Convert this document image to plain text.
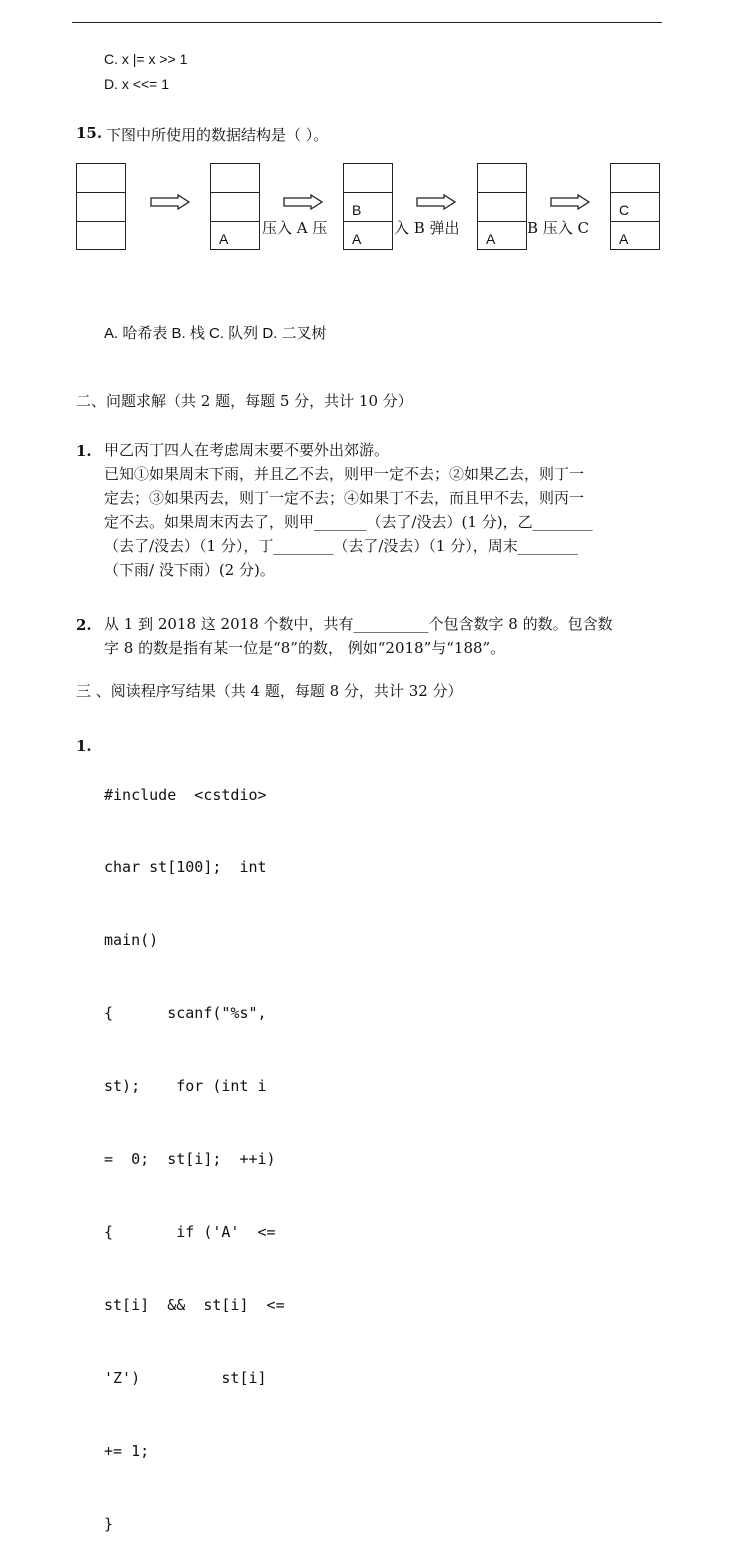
C. x |= x >> 1
D. x <<= 1
15. 下图中所使用的数据结构是（ ）。
A
B
A	A
C
A
压入 A 压	入 B 弹出	B 压入 C
A. 哈希表 B. 栈 C. 队列 D. 二叉树
二、问题求解（共 2 题，每题 5 分，共计 10 分）
1. 甲乙丙丁四人在考虑周末要不要外出郊游。
已知①如果周末下雨，并且乙不去，则甲一定不去；②如果乙去，则丁一
定去；③如果丙去，则丁一定不去；④如果丁不去，而且甲不去，则丙一
定不去。如果周末丙去了，则甲_______（去了/没去）(1 分)，乙________
（去了/没去）（1 分），丁________（去了/没去）（1 分），周末________
（下雨/ 没下雨）(2 分)。
2. 从 1 到 2018 这 2018 个数中，共有__________个包含数字 8 的数。包含数
字 8 的数是指有某一位是“8”的数， 例如“2018”与“188”。
三 、阅读程序写结果（共 4 题，每题 8 分，共计 32 分）
1.

#include  <cstdio>

char st[100];  int

main()

{      scanf("%s",

st);    for (int i

=  0;  st[i];  ++i)

{       if ('A'  <=

st[i]  &&  st[i]  <=

'Z')         st[i]

+= 1;

}
